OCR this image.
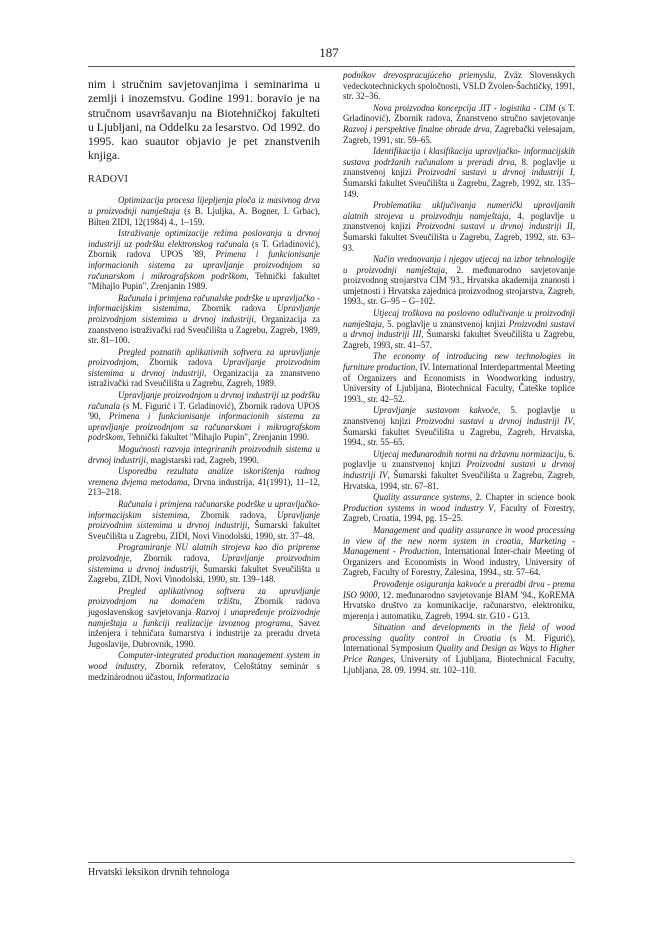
187

nim i stručnim savjetovanjima i seminarima u zemlji i inozemstvu. Godine 1991. boravio je na stručnom usavršavanju na Biotehničkoj fakulteti u Ljubljani, na Oddelku za lesarstvo. Od 1992. do 1995. kao suautor objavio je pet znanstvenih knjiga.

RADOVI

Optimizacija procesa lijepljenja ploča iz masivnog drva u proizvodnji namještaja (s B. Ljuljka, A. Bogner, I. Grbac), Bilten ZIDI, 12(1984) 4., 1–159.

Istraživanje optimizacije režima poslovanja u drvnoj industriji uz podršku elektronskog računala (s T. Grladinović), Zbornik radova UPOS '89, Primena i funkcionisanje informacionih sistema za upravljanje proizvodnjom sa računarskom i mikrografskom podrškom, Tehnički fakultet "Mihajlo Pupin", Zrenjanin 1989.

Računala i primjena računalske podrške u upravljačko - informacijskim sistemima, Zbornik radova Upravljanje proizvodnjom sistemima u drvnoj industriji, Organizacija za znanstveno istraživački rad Sveučilišta u Zagrebu, Zagreb, 1989, str. 81–100.

Pregled poznatih aplikativnih softvera za upravljanje proizvodnjom, Zbornik radova Upravljanje proizvodnim sistemima u drvnoj industriji, Organizacija za znanstveno istraživački rad Sveučilišta u Zagrebu, Zagreb, 1989.

Upravljanje proizvodnjom u drvnoj industriji uz podršku računala (s M. Figurić i T. Grladinović), Zbornik radova UPOS '90, Primena i funkcionisanje informacionih sistema za upravljanje proizvodnjom sa računarskom i mikrografskom podrškom, Tehnički fakultet "Mihajlo Pupin", Zrenjanin 1990.

Mogućnosti razvoja integriranih proizvodnih sistema u drvnoj industriji, magistarski rad, Zagreb, 1990.

Usporedba rezultata analize iskorištenja radnog vremena dvjema metodama, Drvna industrija, 41(1991), 11–12, 213–218.

Računala i primjena računarske podrške u upravljačko-informacijskim sistemima, Zbornik radova, Upravljanje proizvodnim sistemima u drvnoj industriji, Šumarski fakultet Sveučilišta u Zagrebu, ZIDI, Novi Vinodolski, 1990, str. 37–48.

Programiranje NU alatnih strojeva kao dio pripreme proizvodnje, Zbornik radova, Upravljanje proizvodnim sistemima u drvnoj industriji, Šumarski fakultet Sveučilišta u Zagrebu, ZIDI, Novi Vinodolski, 1990, str. 139–148.

Pregled aplikativnog softvera za upravljanje proizvodnjom na domaćem tržištu, Zbornik radova jugoslavenskog savjetovanja Razvoj i unapređenje proizvodnje namještaja u funkciji realizacije izvoznog programa, Savez inženjera i tehničara šumarstva i industrije za preradu drveta Jugoslavije, Dubrovnik, 1990.

Computer-integrated production management system in wood industry, Zbornik referatov, Celoštátny seminár s medzinárodnou účastou, Informatizacia

podnikov drevospracujúceho priemyslu, Zväz Slovenskych vedeckotechnickych spoločnosti, VSLD Zvolen-Šachtičky, 1991, str. 32–36.

Nova proizvodna koncepcija JIT - logistika - CIM (s T. Grladinović), Zbornik radova, Znanstveno stručno savjetovanje Razvoj i perspektive finalne obrade drva, Zagrebački velesajam, Zagreb, 1991, str. 59–65.

Identifikacija i klasifikacija upravljačko- informacijskih sustava podržanih računalom u preradi drva, 8. poglavlje u znanstvenoj knjizi Proizvodni sustavi u drvnoj industriji I, Šumarski fakultet Sveučilišta u Zagrebu, Zagreb, 1992, str. 135–149.

Problematika uključivanja numerički upravljanih alatnih strojeva u proizvodnju namještaja, 4. poglavlje u znanstvenoj knjizi Proizvodni sustavi u drvnoj industriji II, Šumarski fakultet Sveučilišta u Zagrebu, Zagreb, 1992, str. 63–93.

Način vrednovanja i njegov utjecaj na izbor tehnologije u proizvodnji namještaja, 2. međunarodno savjetovanje proizvodnog strojarstva CIM '93., Hrvatska akademija znanosti i umjetnosti i Hrvatska zajednica proizvodnog strojarstva, Zagreb, 1993., str. G–95 – G–102.

Utjecaj troškova na poslovno odlučivanje u proizvodnji namještaja, 5. poglavlje u znanstvenoj knjizi Proizvodni sustavi u drvnoj industriji III, Šumarski fakultet Sveučilišta u Zagrebu, Zagreb, 1993, str. 41–57.

The economy of introducing new technologies in furniture production, IV. International Interdepartmental Meeting of Organizers and Economists in Woodworking industry, University of Ljubljana, Biotechnical Faculty, Čateške toplice 1993., str. 42–52.

Upravljanje sustavom kakvoće, 5. poglavlje u znanstvenoj knjizi Proizvodni sustavi u drvnoj industriji IV, Šumarski fakultet Sveučilišta u Zagrebu, Zagreb, Hrvatska, 1994., str. 55–65.

Utjecaj međunarodnih normi na državnu normizaciju, 6. poglavlje u znanstvenoj knjizi Proizvodni sustavi u drvnoj industriji IV, Šumarski fakultet Sveučilišta u Zagrebu, Zagreb, Hrvatska, 1994, str. 67–81.

Quality assurance systems, 2. Chapter in science book Production systems in wood industry V, Faculty of Forestry, Zagreb, Croatia, 1994, pg. 15–25.

Management and quality assurance in wood processing in view of the new norm system in croatia, Marketing - Management - Production, International Inter-chair Meeting of Organizers and Economists in Wood industry, University of Zagreb, Faculty of Forestry, Zalesina, 1994., str. 57–64.

Provođenje osiguranja kakvoće u preradbi drva - prema ISO 9000, 12. međunarodno savjetovanje BIAM '94., KoREMA Hrvatsko društvo za komunikacije, računarstvo, elektroniku, mjerenja i automatiku, Zagreb, 1994. str. G10 - G13.

Situation and developments in the field of wood processing quality control in Croatia (s M. Figurić), International Symposium Quality and Design as Ways to Higher Price Ranges, University of Ljubljana, Biotechnical Faculty, Ljubljana, 28. 09. 1994. str. 102–110.

Hrvatski leksikon drvnih tehnologa
